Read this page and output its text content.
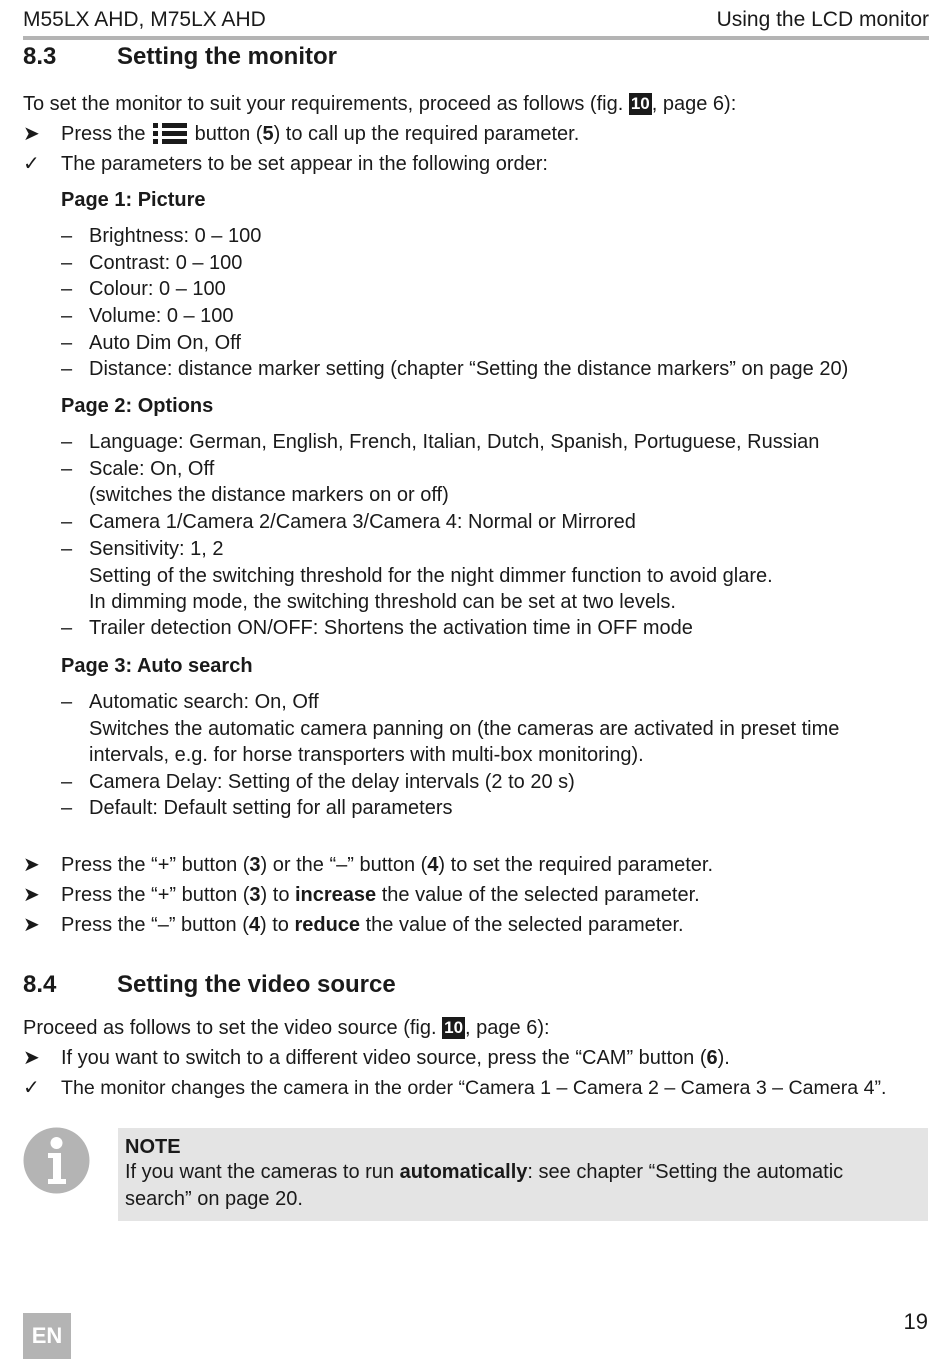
M55LX AHD, M75LX AHD	Using the LCD monitor
8.3	Setting the monitor
To set the monitor to suit your requirements, proceed as follows (fig. 10 , page 6):
➤	Press the  button (5) to call up the required parameter.
✓	The parameters to be set appear in the following order:
Page 1: Picture
– Brightness: 0 – 100
– Contrast: 0 – 100
– Colour: 0 – 100
– Volume: 0 – 100
– Auto Dim On, Off
– Distance: distance marker setting (chapter “Setting the distance markers” on page 20)
Page 2: Options
– Language: German, English, French, Italian, Dutch, Spanish, Portuguese, Russian
– Scale: On, Off
(switches the distance markers on or off)
– Camera 1/Camera 2/Camera 3/Camera 4: Normal or Mirrored
– Sensitivity: 1, 2
Setting of the switching threshold for the night dimmer function to avoid glare.
In dimming mode, the switching threshold can be set at two levels.
– Trailer detection ON/OFF: Shortens the activation time in OFF mode
Page 3: Auto search
– Automatic search: On, Off
Switches the automatic camera panning on (the cameras are activated in preset time
intervals, e.g. for horse transporters with multi-box monitoring).
– Camera Delay: Setting of the delay intervals (2 to 20 s)
– Default: Default setting for all parameters
➤	Press the “+” button (3) or the “–” button (4) to set the required parameter.
➤	Press the “+” button (3) to increase the value of the selected parameter.
➤	Press the “–” button (4) to reduce the value of the selected parameter.
8.4	Setting the video source
Proceed as follows to set the video source (fig. 10 , page 6):
➤	If you want to switch to a different video source, press the “CAM” button (6).
✓	The monitor changes the camera in the order “Camera 1 – Camera 2 – Camera 3 – Camera 4”.
NOTE
If you want the cameras to run automatically: see chapter “Setting the automatic search” on page 20.
EN
19
